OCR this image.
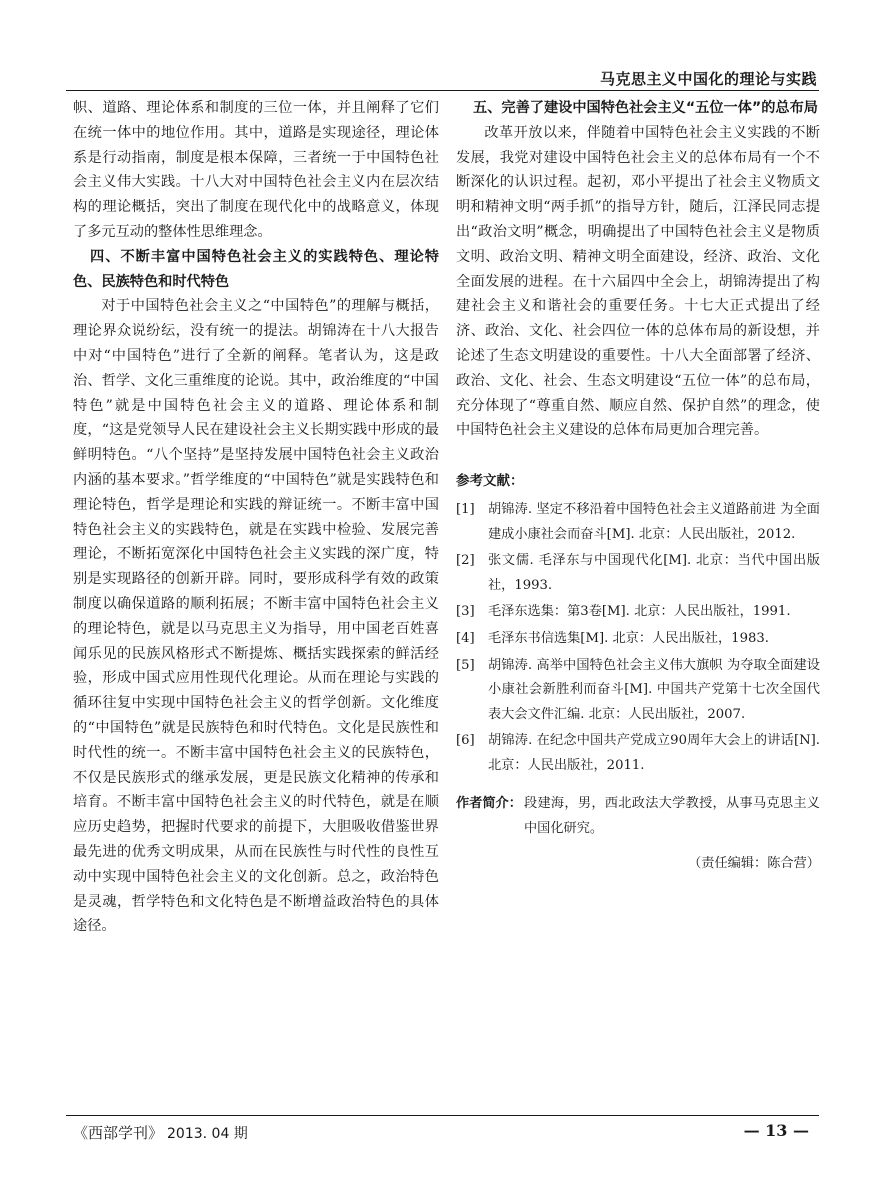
马克思主义中国化的理论与实践

帜、道路、理论体系和制度的三位一体，并且阐释了它们在统一体中的地位作用。其中，道路是实现途径，理论体系是行动指南，制度是根本保障，三者统一于中国特色社会主义伟大实践。十八大对中国特色社会主义内在层次结构的理论概括，突出了制度在现代化中的战略意义，体现了多元互动的整体性思维理念。

四、不断丰富中国特色社会主义的实践特色、理论特色、民族特色和时代特色

对于中国特色社会主义之“中国特色”的理解与概括，理论界众说纷纭，没有统一的提法。胡锦涛在十八大报告中对“中国特色”进行了全新的阐释。笔者认为，这是政治、哲学、文化三重维度的论说。其中，政治维度的“中国特色”就是中国特色社会主义的道路、理论体系和制度，“这是党领导人民在建设社会主义长期实践中形成的最鲜明特色。“八个坚持”是坚持发展中国特色社会主义政治内涵的基本要求。”哲学维度的“中国特色”就是实践特色和理论特色，哲学是理论和实践的辩证统一。不断丰富中国特色社会主义的实践特色，就是在实践中检验、发展完善理论，不断拓宽深化中国特色社会主义实践的深广度，特别是实现路径的创新开辟。同时，要形成科学有效的政策制度以确保道路的顺利拓展；不断丰富中国特色社会主义的理论特色，就是以马克思主义为指导，用中国老百姓喜闻乐见的民族风格形式不断提炼、概括实践探索的鲜活经验，形成中国式应用性现代化理论。从而在理论与实践的循环往复中实现中国特色社会主义的哲学创新。文化维度的“中国特色”就是民族特色和时代特色。文化是民族性和时代性的统一。不断丰富中国特色社会主义的民族特色，不仅是民族形式的继承发展，更是民族文化精神的传承和培育。不断丰富中国特色社会主义的时代特色，就是在顺应历史趋势，把握时代要求的前提下，大胆吸收借鉴世界最先进的优秀文明成果，从而在民族性与时代性的良性互动中实现中国特色社会主义的文化创新。总之，政治特色是灵魂，哲学特色和文化特色是不断增益政治特色的具体途径。

五、完善了建设中国特色社会主义“五位一体”的总布局

改革开放以来，伴随着中国特色社会主义实践的不断发展，我党对建设中国特色社会主义的总体布局有一个不断深化的认识过程。起初，邓小平提出了社会主义物质文明和精神文明“两手抓”的指导方针，随后，江泽民同志提出“政治文明”概念，明确提出了中国特色社会主义是物质文明、政治文明、精神文明全面建设，经济、政治、文化全面发展的进程。在十六届四中全会上，胡锦涛提出了构建社会主义和谐社会的重要任务。十七大正式提出了经济、政治、文化、社会四位一体的总体布局的新设想，并论述了生态文明建设的重要性。十八大全面部署了经济、政治、文化、社会、生态文明建设“五位一体”的总布局，充分体现了“尊重自然、顺应自然、保护自然”的理念，使中国特色社会主义建设的总体布局更加合理完善。

参考文献：
[1]	胡锦涛. 坚定不移沿着中国特色社会主义道路前进 为全面建成小康社会而奋斗[M]. 北京：人民出版社，2012.
[2]	张文儒. 毛泽东与中国现代化[M]. 北京：当代中国出版社，1993.
[3]	毛泽东选集：第3卷[M]. 北京：人民出版社，1991.
[4]	毛泽东书信选集[M]. 北京：人民出版社，1983.
[5]	胡锦涛. 高举中国特色社会主义伟大旗帜 为夺取全面建设小康社会新胜利而奋斗[M]. 中国共产党第十七次全国代表大会文件汇编. 北京：人民出版社，2007.
[6]	胡锦涛. 在纪念中国共产党成立90周年大会上的讲话[N]. 北京：人民出版社，2011.
作者简介： 段建海，男，西北政法大学教授，从事马克思主义中国化研究。
（责任编辑：陈合营）
《西部学刊》 2013. 04 期	— 13 —
